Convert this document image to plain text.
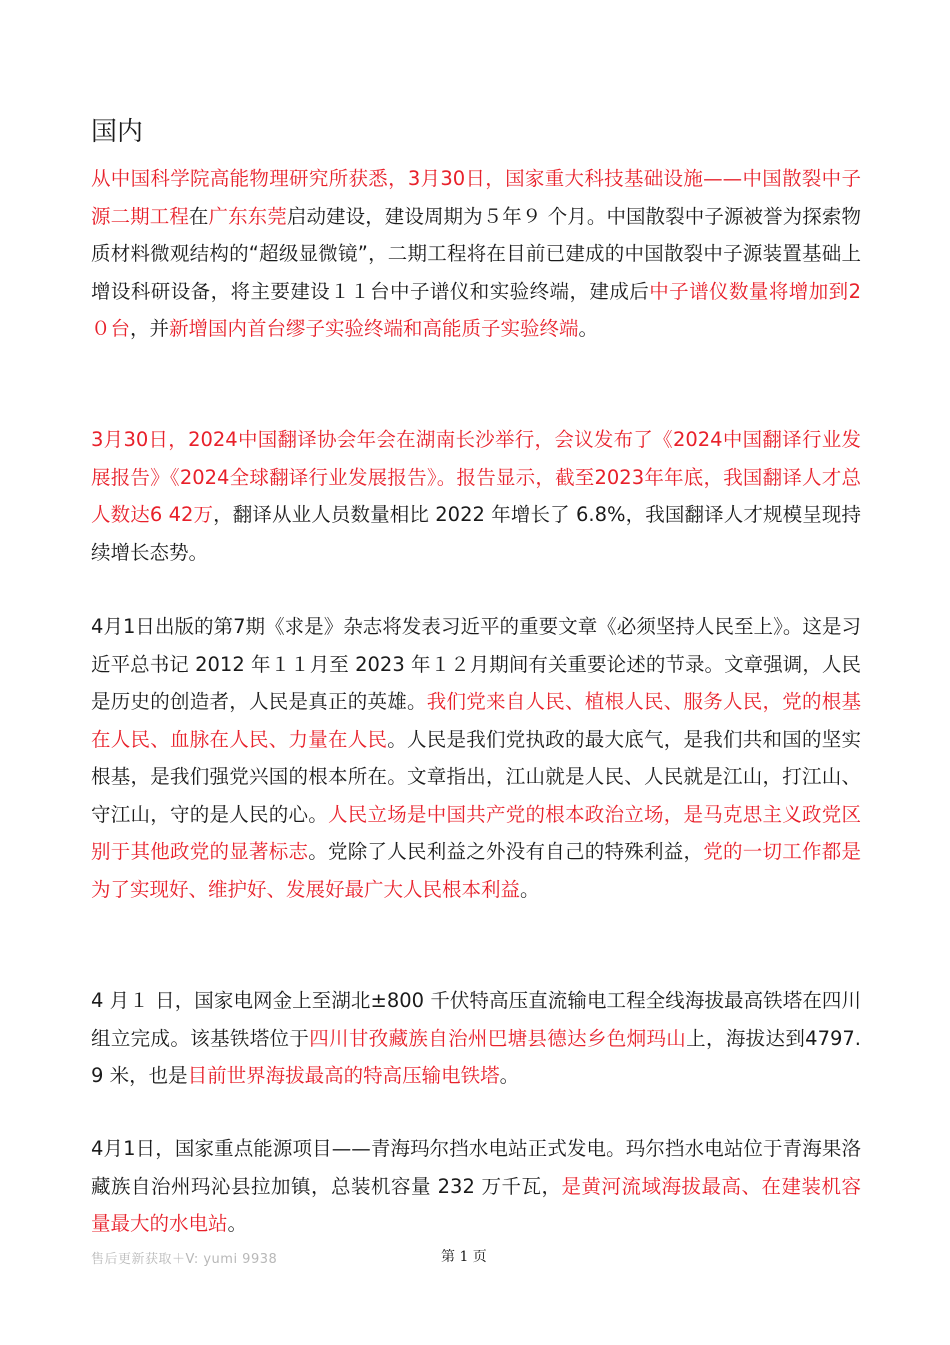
国内

从中国科学院高能物理研究所获悉，3月30日，国家重大科技基础设施——中国散裂中子源二期工程在广东东莞启动建设，建设周期为５年９ 个月。中国散裂中子源被誉为探索物质材料微观结构的“超级显微镜”，二期工程将在目前已建成的中国散裂中子源装置基础上增设科研设备，将主要建设１１台中子谱仪和实验终端，建成后中子谱仪数量将增加到2０台，并新增国内首台缪子实验终端和高能质子实验终端。

3月30日，2024中国翻译协会年会在湖南长沙举行，会议发布了《2024中国翻译行业发展报告》《2024全球翻译行业发展报告》。报告显示，截至2023年年底，我国翻译人才总人数达6 42万，翻译从业人员数量相比 2022 年增长了 6.8%，我国翻译人才规模呈现持续增长态势。

4月1日出版的第7期《求是》杂志将发表习近平的重要文章《必须坚持人民至上》。这是习近平总书记 2012 年１１月至 2023 年１２月期间有关重要论述的节录。文章强调，人民是历史的创造者，人民是真正的英雄。我们党来自人民、植根人民、服务人民，党的根基在人民、血脉在人民、力量在人民。人民是我们党执政的最大底气，是我们共和国的坚实根基，是我们强党兴国的根本所在。文章指出，江山就是人民、人民就是江山，打江山、守江山，守的是人民的心。人民立场是中国共产党的根本政治立场，是马克思主义政党区别于其他政党的显著标志。党除了人民利益之外没有自己的特殊利益，党的一切工作都是为了实现好、维护好、发展好最广大人民根本利益。

4 月１ 日，国家电网金上至湖北±800 千伏特高压直流输电工程全线海拔最高铁塔在四川组立完成。该基铁塔位于四川甘孜藏族自治州巴塘县德达乡色炯玛山上，海拔达到4797.9 米，也是目前世界海拔最高的特高压输电铁塔。

4月1日，国家重点能源项目——青海玛尔挡水电站正式发电。玛尔挡水电站位于青海果洛藏族自治州玛沁县拉加镇，总装机容量 232 万千瓦，是黄河流域海拔最高、在建装机容量最大的水电站。

售后更新获取＋V: yumi 9938	第 1 页
